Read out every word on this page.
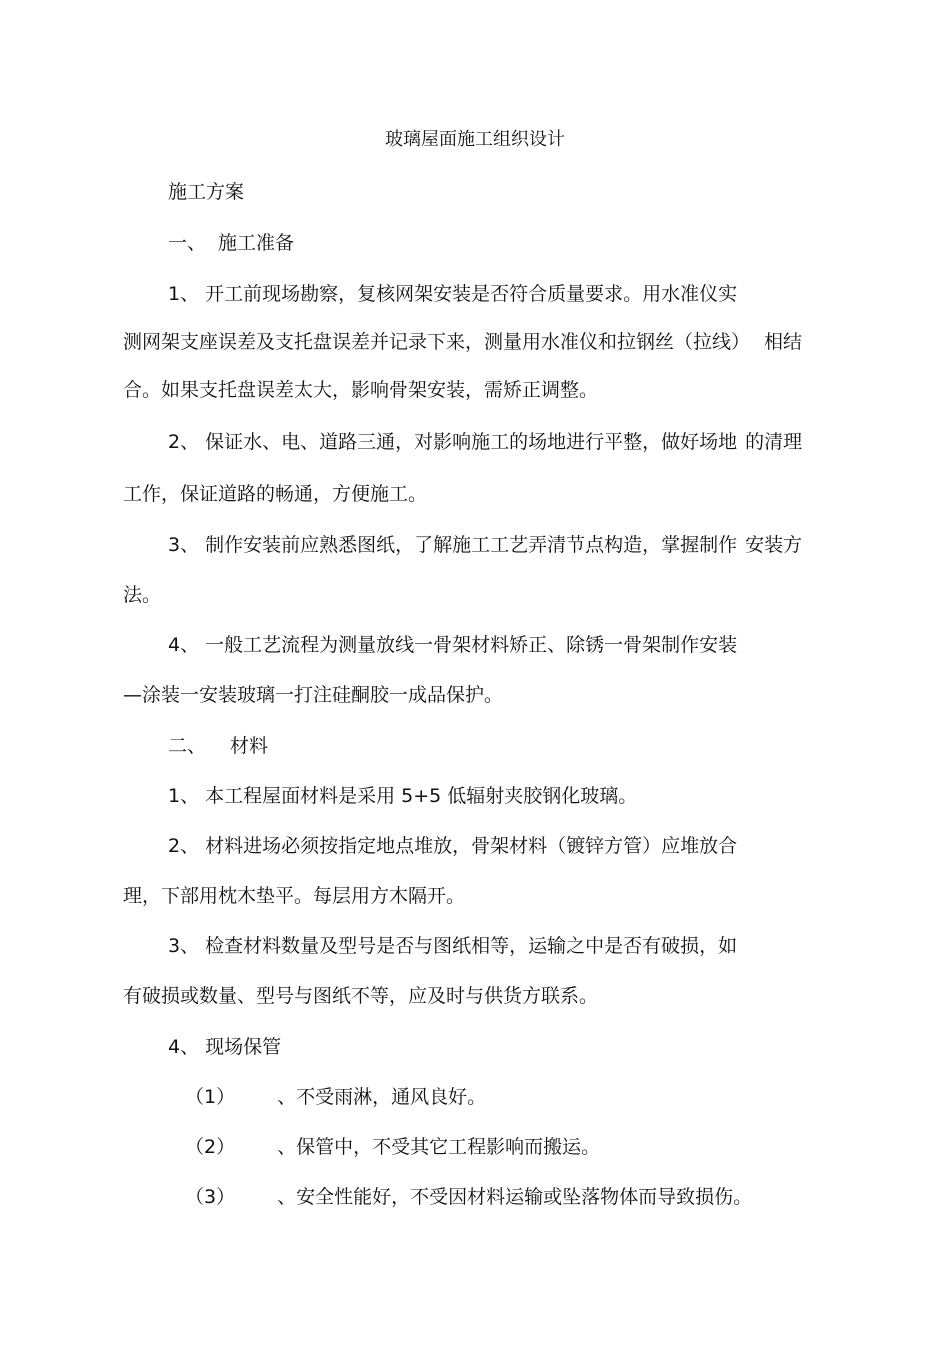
玻璃屋面施工组织设计

施工方案

一、 施工准备

1、 开工前现场勘察，复核网架安装是否符合质量要求。用水准仪实

测网架支座误差及支托盘误差并记录下来，测量用水准仪和拉钢丝（拉线） 相结

合。如果支托盘误差太大，影响骨架安装，需矫正调整。

2、 保证水、电、道路三通，对影响施工的场地进行平整，做好场地 的清理

工作，保证道路的畅通，方便施工。

3、 制作安装前应熟悉图纸，了解施工工艺弄清节点构造，掌握制作 安装方

法。

4、 一般工艺流程为测量放线一骨架材料矫正、除锈一骨架制作安装

—涂装一安装玻璃一打注硅酮胶一成品保护。

二、 材料

1、 本工程屋面材料是采用 5+5 低辐射夹胶钢化玻璃。

2、 材料进场必须按指定地点堆放，骨架材料（镀锌方管）应堆放合

理，下部用枕木垫平。每层用方木隔开。

3、 检查材料数量及型号是否与图纸相等，运输之中是否有破损，如

有破损或数量、型号与图纸不等，应及时与供货方联系。

4、 现场保管

（1） 、不受雨淋，通风良好。

（2） 、保管中，不受其它工程影响而搬运。

（3） 、安全性能好，不受因材料运输或坠落物体而导致损伤。
